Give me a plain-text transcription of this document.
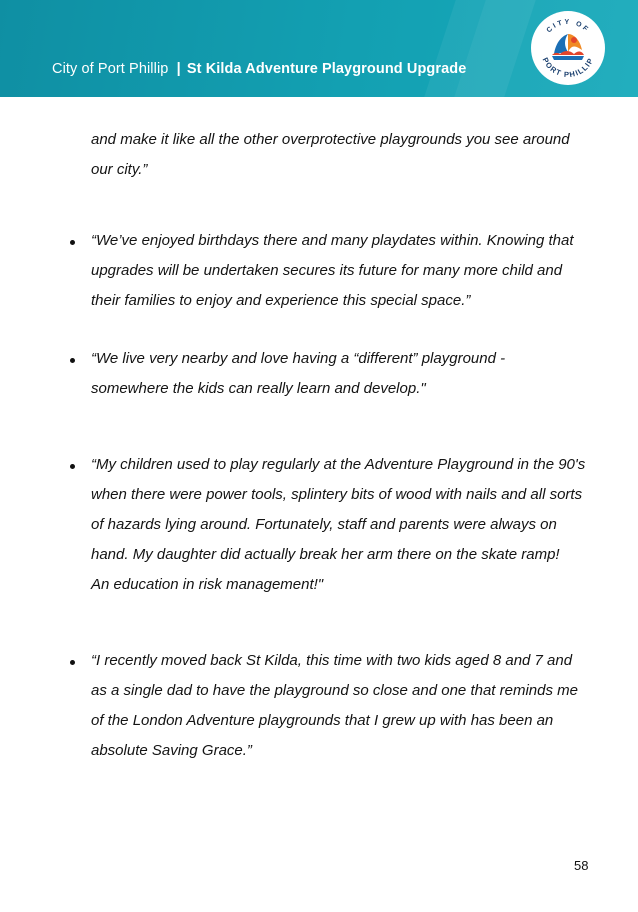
City of Port Phillip | St Kilda Adventure Playground Upgrade
CITY OF
PORT PHILLIP
and make it like all the other overprotective playgrounds you see around
our city.”
“We’ve enjoyed birthdays there and many playdates within. Knowing that
upgrades will be undertaken secures its future for many more child and
their families to enjoy and experience this special space.”
“We live very nearby and love having a “different” playground -
somewhere the kids can really learn and develop."
“My children used to play regularly at the Adventure Playground in the 90's
when there were power tools, splintery bits of wood with nails and all sorts
of hazards lying around. Fortunately, staff and parents were always on
hand. My daughter did actually break her arm there on the skate ramp!
An education in risk management!"
“I recently moved back St Kilda, this time with two kids aged 8 and 7 and
as a single dad to have the playground so close and one that reminds me
of the London Adventure playgrounds that I grew up with has been an
absolute Saving Grace.”
58
